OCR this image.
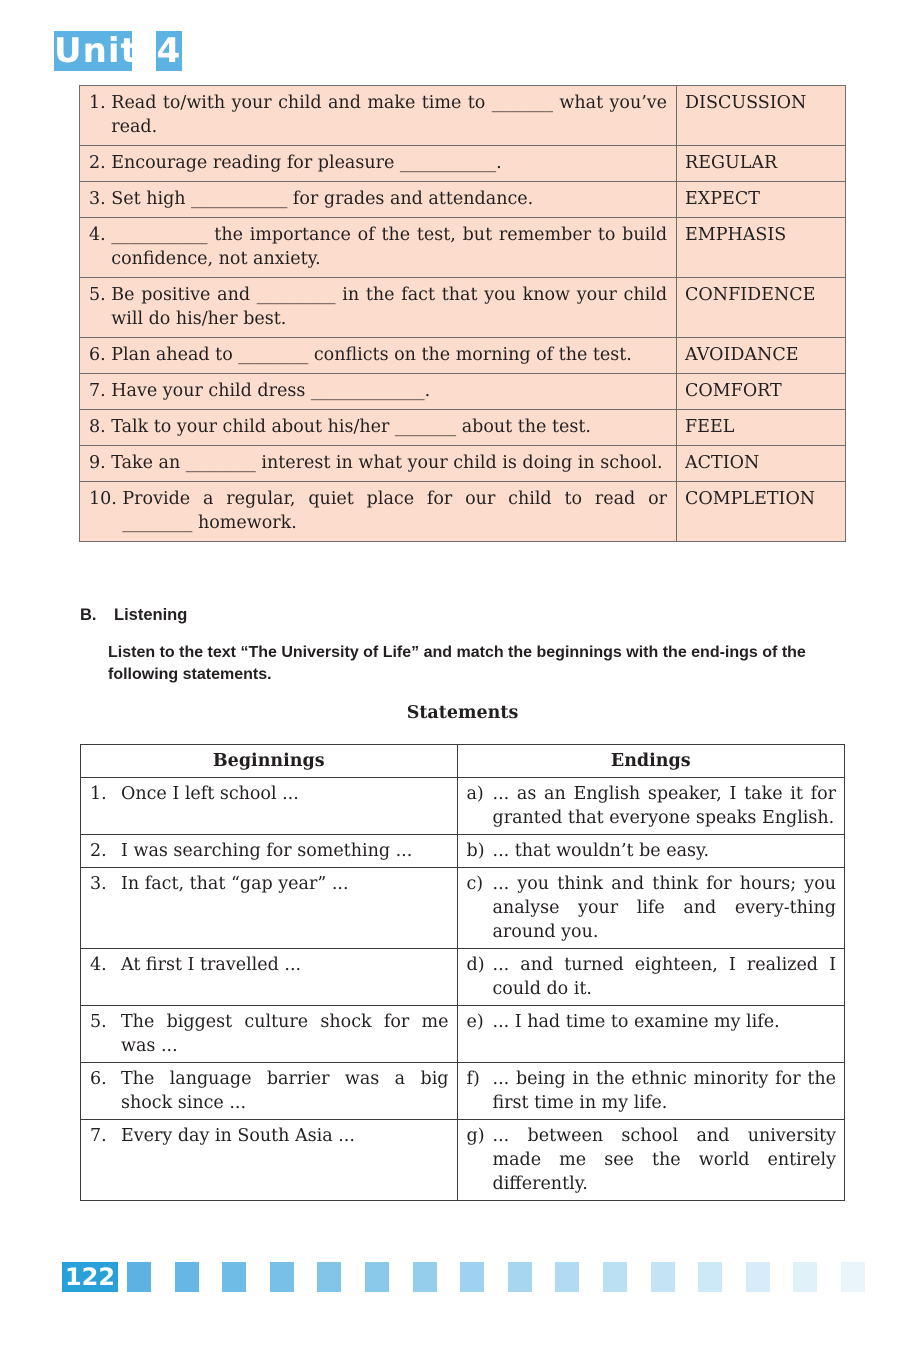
Unit 4
1. Read to/with your child and make time to _______ what you’ve read.	DISCUSSION

2. Encourage reading for pleasure ___________.	REGULAR

3. Set high ___________ for grades and attendance.	EXPECT

4. ___________ the importance of the test, but remember to build confidence, not anxiety.	EMPHASIS

5. Be positive and _________ in the fact that you know your child will do his/her best.	CONFIDENCE

6. Plan ahead to ________ conflicts on the morning of the test.	AVOIDANCE

7. Have your child dress _____________.	COMFORT

8. Talk to your child about his/her _______ about the test.	FEEL

9. Take an ________ interest in what your child is doing in school.	ACTION

10. Provide a regular, quiet place for our child to read or ________ homework.	COMPLETION
B. Listening
Listen to the text “The University of Life” and match the beginnings with the end-ings of the following statements.
Statements
Beginnings	Endings

1. Once I left school ...	a) ... as an English speaker, I take it for granted that everyone speaks English.

2. I was searching for something ...	b) ... that wouldn’t be easy.

3. In fact, that “gap year” ...	c) ... you think and think for hours; you analyse your life and every-thing around you.

4. At first I travelled ...	d) ... and turned eighteen, I realized I could do it.

5. The biggest culture shock for me was ...	e) ... I had time to examine my life.

6. The language barrier was a big shock since ...	f) ... being in the ethnic minority for the first time in my life.

7. Every day in South Asia ...	g) ... between school and university made me see the world entirely differently.
122
